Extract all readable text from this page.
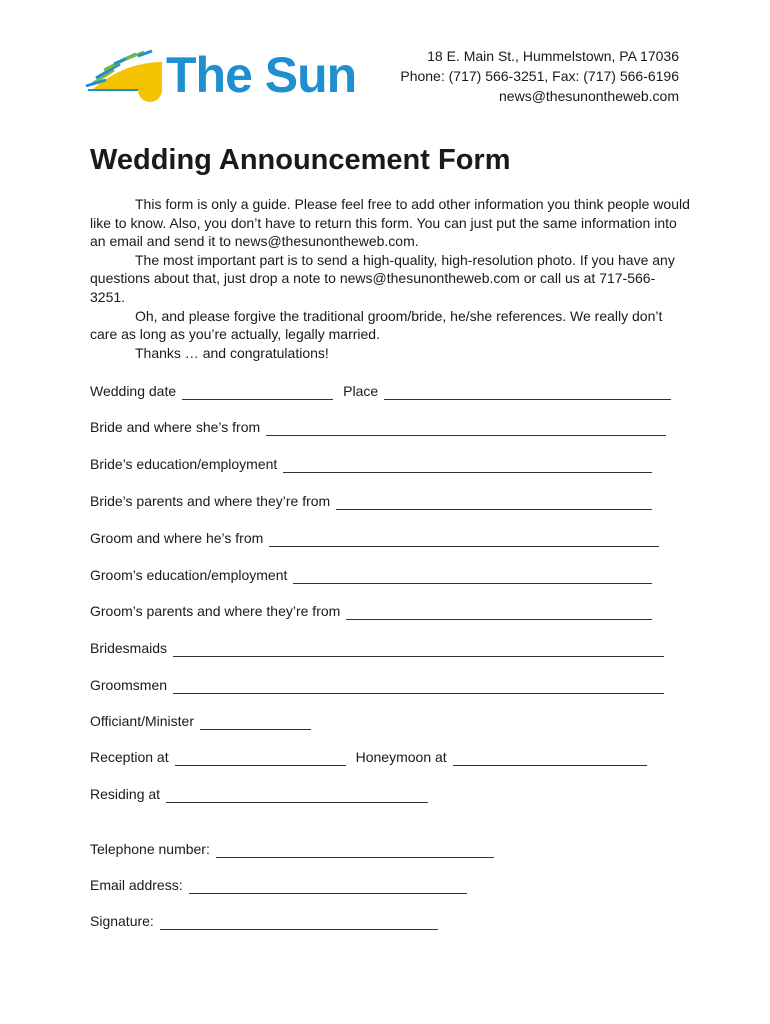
The Sun	18 E. Main St., Hummelstown, PA 17036
Phone: (717) 566-3251, Fax: (717) 566-6196
news@thesunontheweb.com
Wedding Announcement Form

This form is only a guide. Please feel free to add other information you think people would like to know. Also, you don’t have to return this form. You can just put the same information into an email and send it to news@thesunontheweb.com.

The most important part is to send a high-quality, high-resolution photo. If you have any questions about that, just drop a note to news@thesunontheweb.com or call us at 717-566-3251.

Oh, and please forgive the traditional groom/bride, he/she references. We really don’t care as long as you’re actually, legally married.

Thanks … and congratulations!

Wedding date	Place
Bride and where she’s from
Bride’s education/employment
Bride’s parents and where they’re from
Groom and where he’s from
Groom’s education/employment
Groom’s parents and where they’re from
Bridesmaids
Groomsmen
Officiant/Minister
Reception at	Honeymoon at
Residing at
Telephone number:
Email address:
Signature:
